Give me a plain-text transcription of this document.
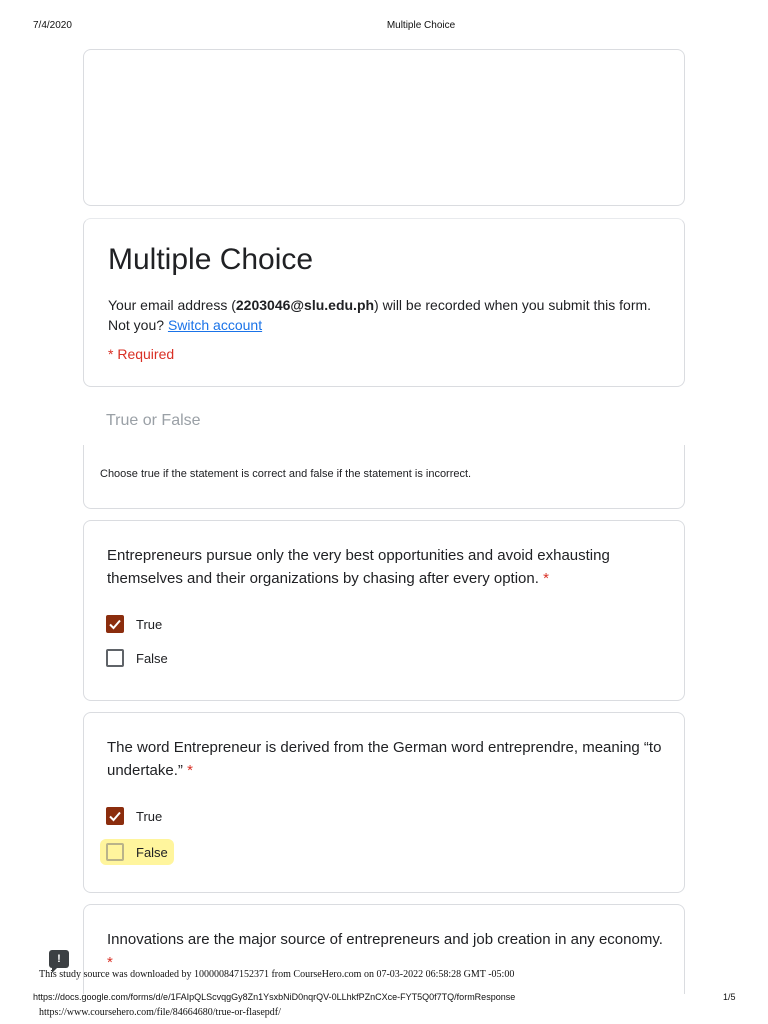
7/4/2020	Multiple Choice
Multiple Choice
Your email address (2203046@slu.edu.ph) will be recorded when you submit this form. Not you? Switch account
* Required
True or False
Choose true if the statement is correct and false if the statement is incorrect.
Entrepreneurs pursue only the very best opportunities and avoid exhausting themselves and their organizations by chasing after every option. *
True
False
The word Entrepreneur is derived from the German word entreprendre, meaning “to undertake.” *
True
False
Innovations are the major source of entrepreneurs and job creation in any economy. *
!
This study source was downloaded by 100000847152371 from CourseHero.com on 07-03-2022 06:58:28 GMT -05:00
https://docs.google.com/forms/d/e/1FAIpQLScvqgGy8Zn1YsxbNiD0nqrQV-0LLhkfPZnCXce-FYT5Q0f7TQ/formResponse	1/5
https://www.coursehero.com/file/84664680/true-or-flasepdf/
